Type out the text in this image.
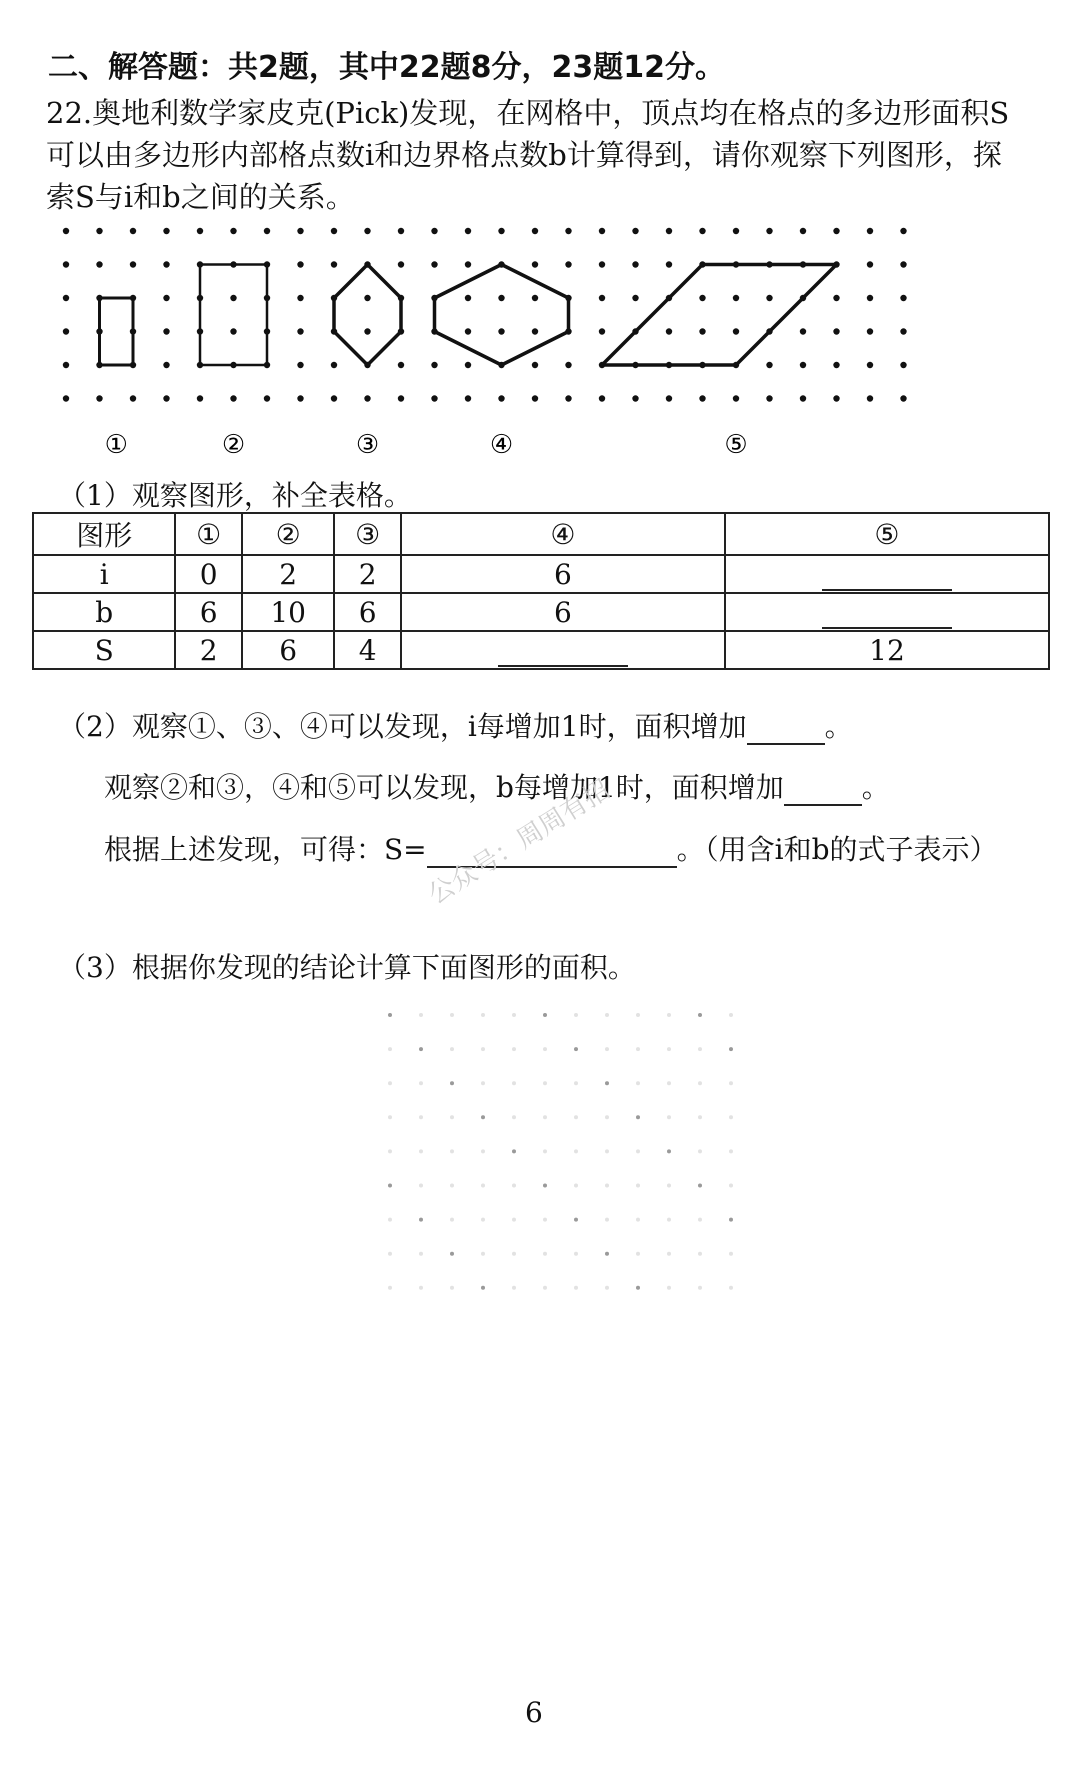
二、解答题：共2题，其中22题8分，23题12分。
22.奥地利数学家皮克(Pick)发现，在网格中，顶点均在格点的多边形面积S可以由多边形内部格点数i和边界格点数b计算得到，请你观察下列图形，探索S与i和b之间的关系。
①	②	③	④	⑤
（1）观察图形，补全表格。
图形	①	②	③	④	⑤
i	0	2	2	6	
b	6	10	6	6	
S	2	6	4		12
（2）观察①、③、④可以发现，i每增加1时，面积增加	。
观察②和③，④和⑤可以发现，b每增加1时，面积增加	。
根据上述发现，可得：S=	。（用含i和b的式子表示）
公众号：周周有招
（3）根据你发现的结论计算下面图形的面积。
6
